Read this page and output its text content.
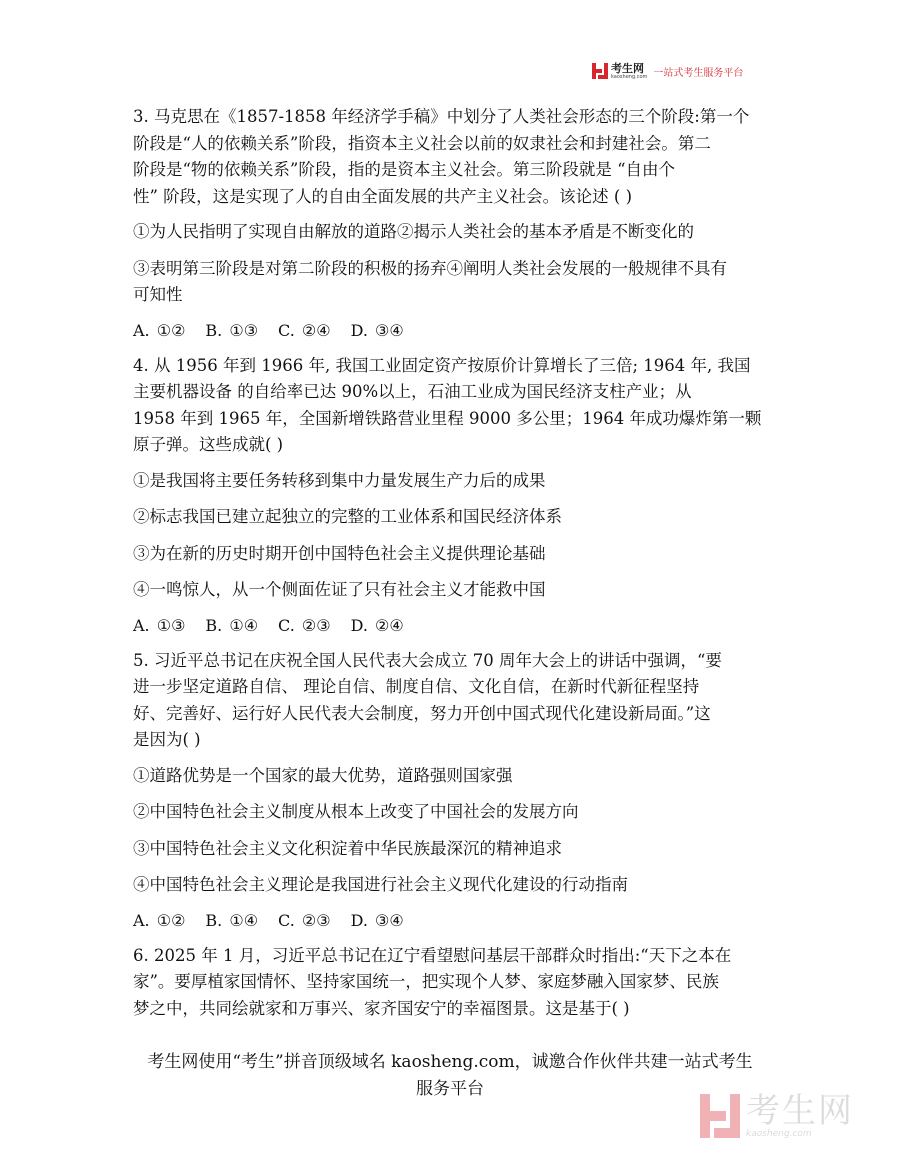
考生网
kaosheng.com 一站式考生服务平台
3. 马克思在《1857-1858 年经济学手稿》中划分了人类社会形态的三个阶段:第一个
阶段是“人的依赖关系”阶段，指资本主义社会以前的奴隶社会和封建社会。第二
阶段是“物的依赖关系”阶段，指的是资本主义社会。第三阶段就是 “自由个
性” 阶段，这是实现了人的自由全面发展的共产主义社会。该论述 ( )
①为人民指明了实现自由解放的道路②揭示人类社会的基本矛盾是不断变化的
③表明第三阶段是对第二阶段的积极的扬弃④阐明人类社会发展的一般规律不具有
可知性
A. ①② B. ①③ C. ②④ D. ③④
4. 从 1956 年到 1966 年, 我国工业固定资产按原价计算增长了三倍; 1964 年, 我国
主要机器设备 的自给率已达 90%以上，石油工业成为国民经济支柱产业；从
1958 年到 1965 年，全国新增铁路营业里程 9000 多公里；1964 年成功爆炸第一颗
原子弹。这些成就( )
①是我国将主要任务转移到集中力量发展生产力后的成果
②标志我国已建立起独立的完整的工业体系和国民经济体系
③为在新的历史时期开创中国特色社会主义提供理论基础
④一鸣惊人，从一个侧面佐证了只有社会主义才能救中国
A. ①③ B. ①④ C. ②③ D. ②④
5. 习近平总书记在庆祝全国人民代表大会成立 70 周年大会上的讲话中强调，“要
进一步坚定道路自信、 理论自信、制度自信、文化自信，在新时代新征程坚持
好、完善好、运行好人民代表大会制度，努力开创中国式现代化建设新局面。”这
是因为( )
①道路优势是一个国家的最大优势，道路强则国家强
②中国特色社会主义制度从根本上改变了中国社会的发展方向
③中国特色社会主义文化积淀着中华民族最深沉的精神追求
④中国特色社会主义理论是我国进行社会主义现代化建设的行动指南
A. ①② B. ①④ C. ②③ D. ③④
6. 2025 年 1 月，习近平总书记在辽宁看望慰问基层干部群众时指出:“天下之本在
家”。要厚植家国情怀、坚持家国统一，把实现个人梦、家庭梦融入国家梦、民族
梦之中，共同绘就家和万事兴、家齐国安宁的幸福图景。这是基于( )
考生网使用“考生”拼音顶级域名 kaosheng.com，诚邀合作伙伴共建一站式考生
服务平台
考生网
kaosheng.com
